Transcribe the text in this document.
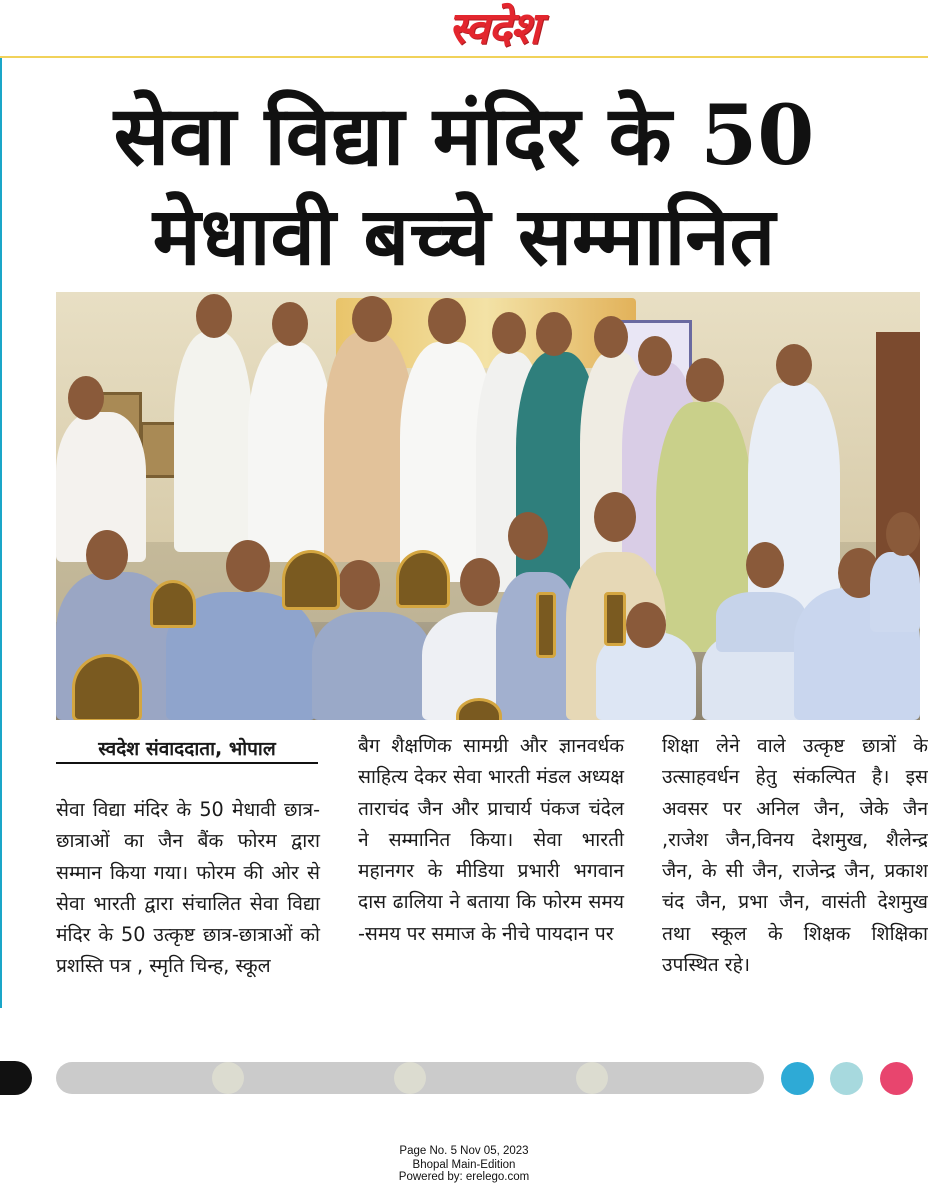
स्वदेश
सेवा विद्या मंदिर के 50
मेधावी बच्चे सम्मानित
स्वदेश संवाददाता, भोपाल

सेवा विद्या मंदिर के 50 मेधावी छात्र- छात्राओं का जैन बैंक फोरम द्वारा सम्मान किया गया। फोरम की ओर से सेवा भारती द्वारा संचालित सेवा विद्या मंदिर के 50 उत्कृष्ट छात्र-छात्राओं को प्रशस्ति पत्र , स्मृति चिन्ह, स्कूल

बैग शैक्षणिक सामग्री और ज्ञानवर्धक साहित्य देकर सेवा भारती मंडल अध्यक्ष ताराचंद जैन और प्राचार्य पंकज चंदेल ने सम्मानित किया। सेवा भारती महानगर के मीडिया प्रभारी भगवान दास ढालिया ने बताया कि फोरम समय -समय पर समाज के नीचे पायदान पर

शिक्षा लेने वाले उत्कृष्ट छात्रों के उत्साहवर्धन हेतु संकल्पित है। इस अवसर पर अनिल जैन, जेके जैन ,राजेश जैन,विनय देशमुख, शैलेन्द्र जैन, के सी जैन, राजेन्द्र जैन, प्रकाश चंद जैन, प्रभा जैन, वासंती देशमुख तथा स्कूल के शिक्षक शिक्षिका उपस्थित रहे।

Page No. 5 Nov 05, 2023
Bhopal Main-Edition
Powered by: erelego.com
